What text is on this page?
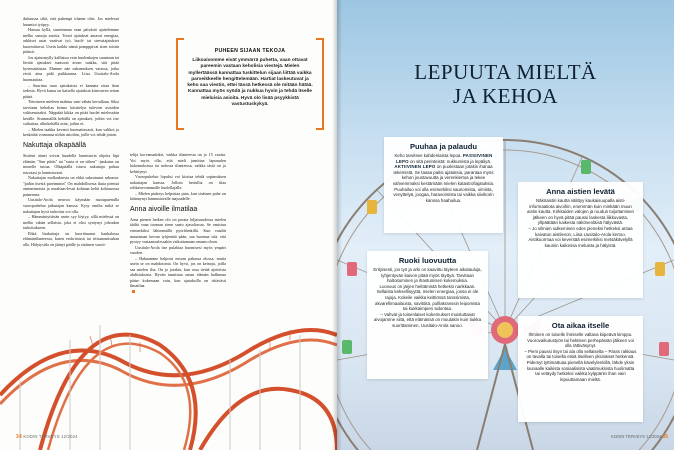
duttaussa siltä, että pahempi tilanne olisi. Jos mielessä huumioi työpyy.

Hassua kyllä, suurimman osan päivästä ajattelemme melko samoja asioita. Toiset ajatukset antavat energiaa, arkkiset asiat vaativat työ, huoli- tai stressiajatukset kuormittavat. Usein kaikki nämä pompppivat siten toisiin päässä.

Jos ajatusmylly kallistuu vain huolenkojen suuntaan tai läväät ajatukset tuntuvat aivan saakka, sitä pitää kysemalaistaa. Ehmme näe uskomuksen varassa, jotka eivät aina pidä paikkaansa. Liisa Uusitalo-Arola huomauttaa.

– Suurima osaa ajatuksista ei kannata ottaa ihan todesta. Hyvä kamu on katsella ajatuksia kiinvarren reitan pääsä.

Tietoiseen mieleen mahtuu vain vähän kerrallaan. Siksi tarvitaan keholtas ketmo käsittelyn tulevien asioiden valitsemiseksi. Näppäää kikka on pitää huolet mielessään kerälle. Sisimmäillä kehällä on ajatukset, joihin voi itse vaikuttaa, ulkokehällä asiat, joihin ei.

– Mielen taakka keventi huomattavasti, kun valikot ja keskittää voimansa niihin asioihin, joille voi tehdä jotain.

Nakuttaja olkapäällä

Sisäiset äänet voivat huudella lannistavia ohjeita läpi elämän. "Sun pitäis" tai "susta ei on siihen" -jankutus on monelle tuttua. Olkapäällä istuva nakuttaja puhuu ruuvaasi ja lannistavasti.

Nakuttajan mollauksesta on ehkä sukeutunut sekunsa: "pidän itsestä pareimmin" On mahdollisesta ikuta pientsä ominnismista ja usealtaas-lessä kohtaan keltä kohtuuossa painesena.

Uusitalo-Arola neuvoo käymään nuotapuemilla vuoropuhelua jatkutajan kanssa. Kysy omilta mikä se nakuttajan hyvä tarkoitus voi olla.

– Hämmästyttävän usein syy löytyy, sillä mielessä on melko vahän sellaisia, joka ei olisi syntynyt johonkin tarkoitukseen.

Ehkä lisakuttaja on kuorittuunut hankalassa elämäntilanteessa, kuten erokriisissä tai irtisanomisuhan alla. Hälytystila on jäänyt päälle ja sisäinen varoit-

PUHEEN SIJAAN TEKOJA
Liikoaivomme eivät ymmärrä puhetta, vaan ottavat pareemin vastaan keholisia viestejä. Mielen myllertäässä kannattaa tuskittelun sijaan liittää vaikka parveikkeelle hengittelemään. Hartiat laskeutuvat ja keho saa viestin, ettei tässä hetkessä ole mitään hätää. Kannattaa myös syödä ja nukkua hyvin ja tehdä itselle mieluisia asioita. Hyvä olo lisää psyykkistä vastustuskykyä.

telija korvamadoksi, vaikka tilanteesta on jo 15 vuotta. Voi myös olla, että mieli jumittaa lapsuuden kokemuksissa tai nolossa tilanteissa, vaikka tästä on jo kehittynyt.

Vuoropuhelun lopuksi voi kiottaa tehdä sopimuksen nakuttajan kanssa. Jolloin hertullia on tilaa rohkaisevammalle huolellajalle.

– Mielen pinkeys helpottaa pian, kun sisäinen puhe on käännynyt kannustavalle taajuudelle.

Anna aivoille ilmatilaa

Arna pienen hetken olo on perata hiljaisuudessa mielen täältä vaan tuoman siene saetu ajasoltavaa. Se omistuu esimerkiksi lähimmällä pyörälenkillä. Kun vaaditi muutaman kerran tyhjentää pään, saa huomaa sitä, että pystyy vastaanoulessakin vaikuttamaan omaan oloon.

Uusitalo-Arola itse pulahtaa huomisesi myös ympäri vuoden.

– Hakuamme helposti ensom pahassa olossa, mutta usein se on mahdotonta. On hyvä, jos on keinoja, joilla saa mielen ilsa. On jo jotakin, kun ossa tietää ajotteista ahdistuksista. Hyvän tunnistaa oman elämän hallinnaa pääse kokemaan vain, kun ajatuksilla on rittävästi ilmatilaa.

34 KODIN TERVEYS 12/2024
LEPUUTA MIELTÄ
JA KEHOA
Puuhaa ja palaudu
Keho tarvitsee kahdenlaista lepoa. PASSIIVINEN LEPO on sitä perinteistä: nukkumista ja lepäilyä. AKTIIVINEN LEPO on puolestaan jotakin ihanaa tekemistä. Se tasaa paitsi ajatuksia, parantaa myös kehon joustavuutta ja verenkiertoa ja tekee vahvemmaksi kestämään mielen katastrofiajatuksia. Puuhailuo voi olla esimerkiksi saunomista, uimista, venyttelyä, joogaa, haravoimista tai vaikka siivikorin kanssa haahuilua.
Anna aistien levätä
Näköaistin kautta välittyy kaukaisuupalla aisti-informaatiota aivoihin, enemmän kuin minkään muun aistin kautta. Kirkkaiden valojen ja ruudun tuijottamisen jälkeen on hyvä pitää paussi laskesta liikkuvasta, yllpäätään kaikesta näkövenläisä hälyvästä.
– Jo silmien sulkeminen edes pieneksi hetkeksi antaa kaivatun aistilevon, Liisa Uusitalo-Arola kertoo.
Aistikuormaa voi keventää esimerkiksi metsäkävelyllä kauniin kaikessa meluista ja hälyistä.
Ruoki luovuutta
Erityisesti, jos työ ja arki on kaavittu täyteen aikatauluja, tyhjentyvän kaivon pitää myös täyttyä. Tarvitaan haltoituminen ja ihastumisen kokemuksia.
Luovuus on järjen heittämistä hetkeksi narikkaan. Sellaista keksellisyyttä, mielen energiaa, jossa ei ole rajoja. Kokeile vaikka keittiössä tanssimista, akvarellimaalausta, savitöitä, pulllakranssin leipomista tai kukkaimpien sidontaa.
– Vahvat ja toisenlaiset kokemukset muistuttavat aivojamme siitä, että elämässä on muutakin kuin tiukka suorittaminen, Uusitalo-Arola sanoo.	Ota aikaa itselle
Ihminen on toiselle ihmiselle valtava kiipeävä kimppu. Vuorovaikutustyön tai hektisen perhepäivän jälkeen voi olla rättiväsynyt.
– Pieni paussi itsyn tai ala olla sellaiselta – Paras rakkaus on tavalla tai toisella etsiä itselleen yksinäiset hetkensä. Pidemyt tyttimattuaa pienellä kävelylenkillä, lähde yksin lounaalle kaikista sosiaalisista vaatimuksista huolimatta tai vetäydy hetkeksi vaikka kylppäriin ihan vain lepuuttamaan mieltä.
KODIN TERVEYS 12/2024 35
